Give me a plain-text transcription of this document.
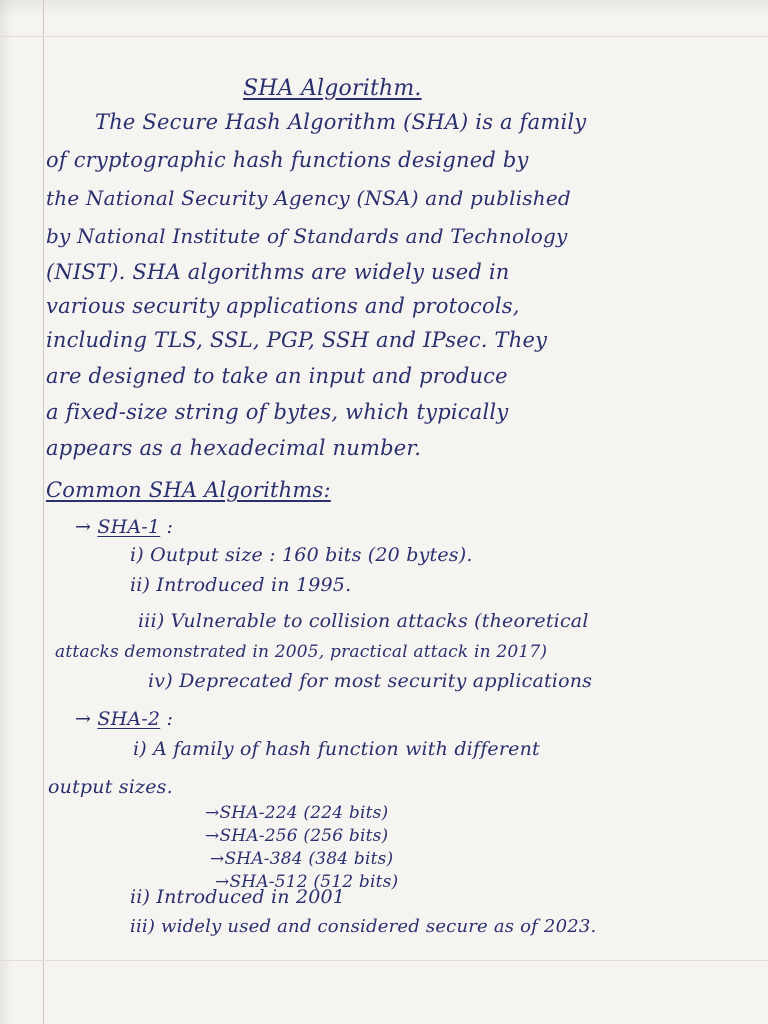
SHA Algorithm.
The Secure Hash Algorithm (SHA) is a family
of cryptographic hash functions designed by
the National Security Agency (NSA) and published
by National Institute of Standards and Technology
(NIST). SHA algorithms are widely used in
various security applications and protocols,
including TLS, SSL, PGP, SSH and IPsec. They
are designed to take an input and produce
a fixed-size string of bytes, which typically
appears as a hexadecimal number.
Common SHA Algorithms:
→ SHA-1 :
i) Output size : 160 bits (20 bytes).
ii) Introduced in 1995.
iii) Vulnerable to collision attacks (theoretical
attacks demonstrated in 2005, practical attack in 2017)
iv) Deprecated for most security applications
→ SHA-2 :
i) A family of hash function with different
output sizes.
→SHA-224 (224 bits)
→SHA-256 (256 bits)
→SHA-384 (384 bits)
→SHA-512 (512 bits)
ii) Introduced in 2001
iii) widely used and considered secure as of 2023.
